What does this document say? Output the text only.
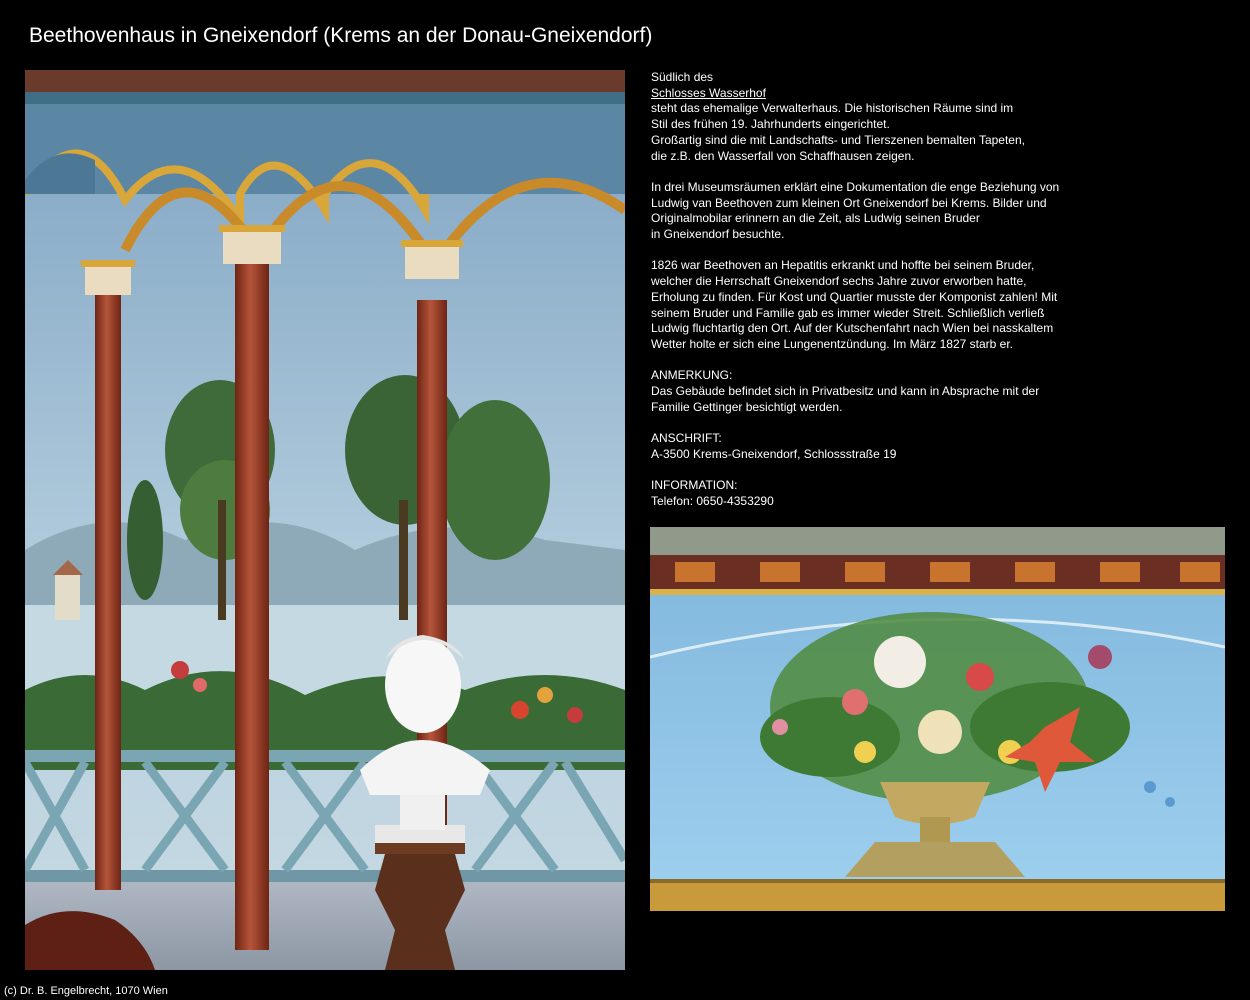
Beethovenhaus in Gneixendorf (Krems an der Donau-Gneixendorf)
Südlich des
Schlosses Wasserhof
steht das ehemalige Verwalterhaus. Die historischen Räume sind im
Stil des frühen 19. Jahrhunderts eingerichtet.
Großartig sind die mit Landschafts- und Tierszenen bemalten Tapeten,
die z.B. den Wasserfall von Schaffhausen zeigen.
In drei Museumsräumen erklärt eine Dokumentation die enge Beziehung von
Ludwig van Beethoven zum kleinen Ort Gneixendorf bei Krems. Bilder und
Originalmobilar erinnern an die Zeit, als Ludwig seinen Bruder
in Gneixendorf besuchte.
1826 war Beethoven an Hepatitis erkrankt und hoffte bei seinem Bruder,
welcher die Herrschaft Gneixendorf sechs Jahre zuvor erworben hatte,
Erholung zu finden. Für Kost und Quartier musste der Komponist zahlen! Mit
seinem Bruder und Familie gab es immer wieder Streit. Schließlich verließ
Ludwig fluchtartig den Ort. Auf der Kutschenfahrt nach Wien bei nasskaltem
Wetter holte er sich eine Lungenentzündung. Im März 1827 starb er.
ANMERKUNG:
Das Gebäude befindet sich in Privatbesitz und kann in Absprache mit der
Familie Gettinger besichtigt werden.
ANSCHRIFT:
A-3500 Krems-Gneixendorf, Schlossstraße 19
INFORMATION:
Telefon: 0650-4353290
(c) Dr. B. Engelbrecht, 1070 Wien
